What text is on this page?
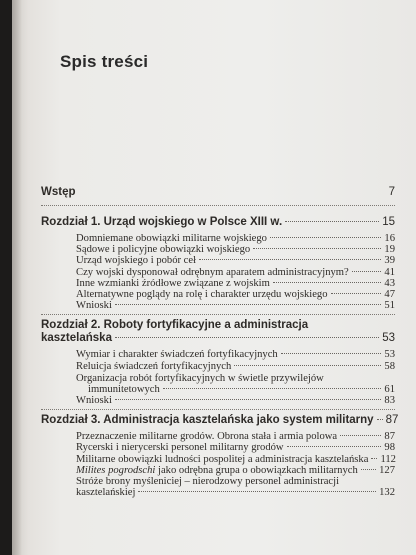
Spis treści
Wstęp	7
Rozdział 1. Urząd wojskiego w Polsce XIII w.	15
Domniemane obowiązki militarne wojskiego	16
Sądowe i policyjne obowiązki wojskiego	19
Urząd wojskiego i pobór ceł	39
Czy wojski dysponował odrębnym aparatem administracyjnym?	41
Inne wzmianki źródłowe związane z wojskim	43
Alternatywne poglądy na rolę i charakter urzędu wojskiego	47
Wnioski	51
Rozdział 2. Roboty fortyfikacyjne a administracja
kasztelańska	53
Wymiar i charakter świadczeń fortyfikacyjnych	53
Reluicja świadczeń fortyfikacyjnych	58
Organizacja robót fortyfikacyjnych w świetle przywilejów
immunitetowych	61
Wnioski	83
Rozdział 3. Administracja kasztelańska jako system militarny 87
Przeznaczenie militarne grodów. Obrona stała i armia polowa	87
Rycerski i nierycerski personel militarny grodów	98
Militarne obowiązki ludności pospolitej a administracja kasztelańska 112
Milites pogrodschi jako odrębna grupa o obowiązkach militarnych 127
Stróże brony myśleniciej – nierodzowy personel administracji
kasztelańskiej	132
